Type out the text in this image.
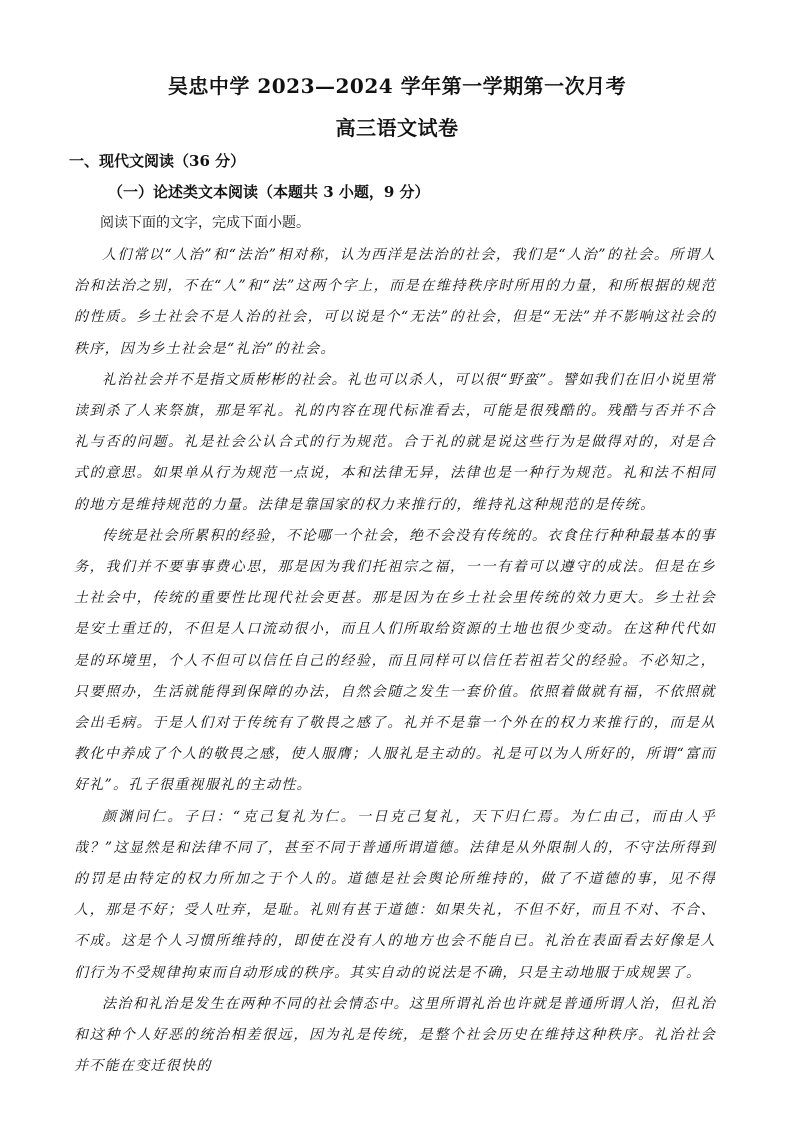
吴忠中学 2023—2024 学年第一学期第一次月考
高三语文试卷
一、现代文阅读（36 分）
（一）论述类文本阅读（本题共 3 小题，9 分）
阅读下面的文字，完成下面小题。

人们常以“人治”和“法治”相对称，认为西洋是法治的社会，我们是“人治”的社会。所谓人治和法治之别，不在“人”和“法”这两个字上，而是在维持秩序时所用的力量，和所根据的规范的性质。乡土社会不是人治的社会，可以说是个“无法”的社会，但是“无法”并不影响这社会的秩序，因为乡土社会是“礼治”的社会。

礼治社会并不是指文质彬彬的社会。礼也可以杀人，可以很“野蛮”。譬如我们在旧小说里常读到杀了人来祭旗，那是军礼。礼的内容在现代标准看去，可能是很残酷的。残酷与否并不合礼与否的问题。礼是社会公认合式的行为规范。合于礼的就是说这些行为是做得对的，对是合式的意思。如果单从行为规范一点说，本和法律无异，法律也是一种行为规范。礼和法不相同的地方是维持规范的力量。法律是靠国家的权力来推行的，维持礼这种规范的是传统。

传统是社会所累积的经验，不论哪一个社会，绝不会没有传统的。衣食住行种种最基本的事务，我们并不要事事费心思，那是因为我们托祖宗之福，一一有着可以遵守的成法。但是在乡土社会中，传统的重要性比现代社会更甚。那是因为在乡土社会里传统的效力更大。乡土社会是安土重迁的，不但是人口流动很小，而且人们所取给资源的土地也很少变动。在这种代代如是的环境里，个人不但可以信任自己的经验，而且同样可以信任若祖若父的经验。不必知之，只要照办，生活就能得到保障的办法，自然会随之发生一套价值。依照着做就有福，不依照就会出毛病。于是人们对于传统有了敬畏之感了。礼并不是靠一个外在的权力来推行的，而是从教化中养成了个人的敬畏之感，使人服膺；人服礼是主动的。礼是可以为人所好的，所谓“富而好礼”。孔子很重视服礼的主动性。

颜渊问仁。子曰：“克己复礼为仁。一日克己复礼，天下归仁焉。为仁由己，而由人乎哉？”这显然是和法律不同了，甚至不同于普通所谓道德。法律是从外限制人的，不守法所得到的罚是由特定的权力所加之于个人的。道德是社会舆论所维持的，做了不道德的事，见不得人，那是不好；受人吐弃，是耻。礼则有甚于道德：如果失礼，不但不好，而且不对、不合、不成。这是个人习惯所维持的，即使在没有人的地方也会不能自已。礼治在表面看去好像是人们行为不受规律拘束而自动形成的秩序。其实自动的说法是不确，只是主动地服于成规罢了。

法治和礼治是发生在两种不同的社会情态中。这里所谓礼治也许就是普通所谓人治，但礼治和这种个人好恶的统治相差很远，因为礼是传统，是整个社会历史在维持这种秩序。礼治社会并不能在变迁很快的
